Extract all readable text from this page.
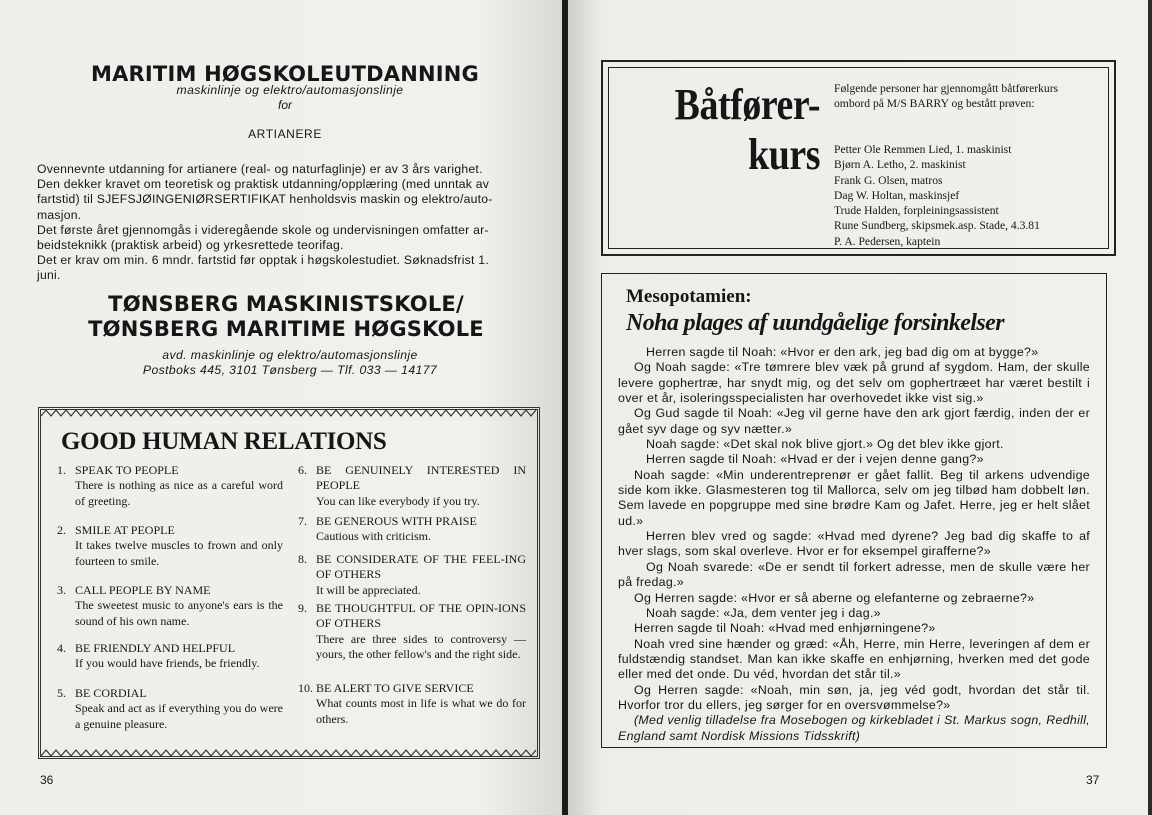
MARITIM HØGSKOLEUTDANNING
maskinlinje og elektro/automasjonslinje
for
ARTIANERE
Ovennevnte utdanning for artianere (real- og naturfaglinje) er av 3 års varighet.
Den dekker kravet om teoretisk og praktisk utdanning/opplæring (med unntak av
fartstid) til SJEFSJØINGENIØRSERTIFIKAT henholdsvis maskin og elektro/auto-
masjon.
Det første året gjennomgås i videregående skole og undervisningen omfatter ar-
beidsteknikk (praktisk arbeid) og yrkesrettede teorifag.
Det er krav om min. 6 mndr. fartstid før opptak i høgskolestudiet. Søknadsfrist 1.
juni.
TØNSBERG MASKINISTSKOLE/
TØNSBERG MARITIME HØGSKOLE
avd. maskinlinje og elektro/automasjonslinje
Postboks 445, 3101 Tønsberg — Tlf. 033 — 14177
GOOD HUMAN RELATIONS
1. SPEAK TO PEOPLE
There is nothing as nice as a careful word of greeting.
2. SMILE AT PEOPLE
It takes twelve muscles to frown and only fourteen to smile.
3. CALL PEOPLE BY NAME
The sweetest music to anyone's ears is the sound of his own name.
4. BE FRIENDLY AND HELPFUL
If you would have friends, be friendly.
5. BE CORDIAL
Speak and act as if everything you do were a genuine pleasure.
6. BE GENUINELY INTERESTED IN PEOPLE
You can like everybody if you try.
7. BE GENEROUS WITH PRAISE
Cautious with criticism.
8. BE CONSIDERATE OF THE FEEL-ING OF OTHERS
It will be appreciated.
9. BE THOUGHTFUL OF THE OPIN-IONS OF OTHERS
There are three sides to controversy — yours, the other fellow's and the right side.
10. BE ALERT TO GIVE SERVICE
What counts most in life is what we do for others.
36
Båtfører-
kurs
Følgende personer har gjennomgått båtførerkurs ombord på M/S BARRY og bestått prøven:
Petter Ole Remmen Lied, 1. maskinist
Bjørn A. Letho, 2. maskinist
Frank G. Olsen, matros
Dag W. Holtan, maskinsjef
Trude Halden, forpleiningsassistent
Rune Sundberg, skipsmek.asp. Stade, 4.3.81
P. A. Pedersen, kaptein
Mesopotamien:
Noha plages af uundgåelige forsinkelser
Herren sagde til Noah: «Hvor er den ark, jeg bad dig om at bygge?»
Og Noah sagde: «Tre tømrere blev væk på grund af sygdom. Ham, der skulle levere gophertræ, har snydt mig, og det selv om gophertræet har været bestilt i over et år, isoleringsspecialisten har overhovedet ikke vist sig.»
Og Gud sagde til Noah: «Jeg vil gerne have den ark gjort færdig, inden der er gået syv dage og syv nætter.»
Noah sagde: «Det skal nok blive gjort.» Og det blev ikke gjort.
Herren sagde til Noah: «Hvad er der i vejen denne gang?»
Noah sagde: «Min underentreprenør er gået fallit. Beg til arkens udvendige side kom ikke. Glasmesteren tog til Mallorca, selv om jeg tilbød ham dobbelt løn. Sem lavede en popgruppe med sine brødre Kam og Jafet. Herre, jeg er helt slået ud.»
Herren blev vred og sagde: «Hvad med dyrene? Jeg bad dig skaffe to af hver slags, som skal overleve. Hvor er for eksempel girafferne?»
Og Noah svarede: «De er sendt til forkert adresse, men de skulle være her på fredag.»
Og Herren sagde: «Hvor er så aberne og elefanterne og zebraerne?»
Noah sagde: «Ja, dem venter jeg i dag.»
Herren sagde til Noah: «Hvad med enhjørningene?»
Noah vred sine hænder og græd: «Åh, Herre, min Herre, leveringen af dem er fuldstændig standset. Man kan ikke skaffe en enhjørning, hverken med det gode eller med det onde. Du véd, hvordan det står til.»
Og Herren sagde: «Noah, min søn, ja, jeg véd godt, hvordan det står til. Hvorfor tror du ellers, jeg sørger for en oversvømmelse?»
(Med venlig tilladelse fra Mosebogen og kirkebladet i St. Markus sogn, Redhill, England samt Nordisk Missions Tidsskrift)
37
